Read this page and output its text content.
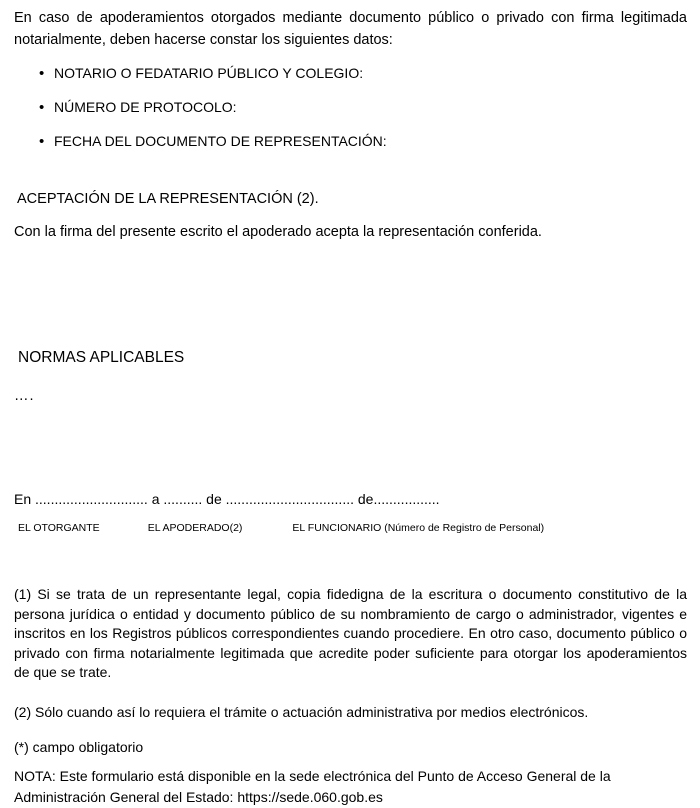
En caso de apoderamientos otorgados mediante documento público o privado con firma legitimada notarialmente, deben hacerse constar los siguientes datos:

• NOTARIO O FEDATARIO PÚBLICO Y COLEGIO:
• NÚMERO DE PROTOCOLO:
• FECHA DEL DOCUMENTO DE REPRESENTACIÓN:

ACEPTACIÓN DE LA REPRESENTACIÓN (2).

Con la firma del presente escrito el apoderado acepta la representación conferida.

NORMAS APLICABLES

….

En ............................. a .......... de ................................. de.................

EL OTORGANTE	EL APODERADO(2)	EL FUNCIONARIO (Número de Registro de Personal)

(1) Si se trata de un representante legal, copia fidedigna de la escritura o documento constitutivo de la persona jurídica o entidad y documento público de su nombramiento de cargo o administrador, vigentes e inscritos en los Registros públicos correspondientes cuando procediere. En otro caso, documento público o privado con firma notarialmente legitimada que acredite poder suficiente para otorgar los apoderamientos de que se trate.

(2) Sólo cuando así lo requiera el trámite o actuación administrativa por medios electrónicos.

(*) campo obligatorio

NOTA: Este formulario está disponible en la sede electrónica del Punto de Acceso General de la Administración General del Estado: https://sede.060.gob.es
